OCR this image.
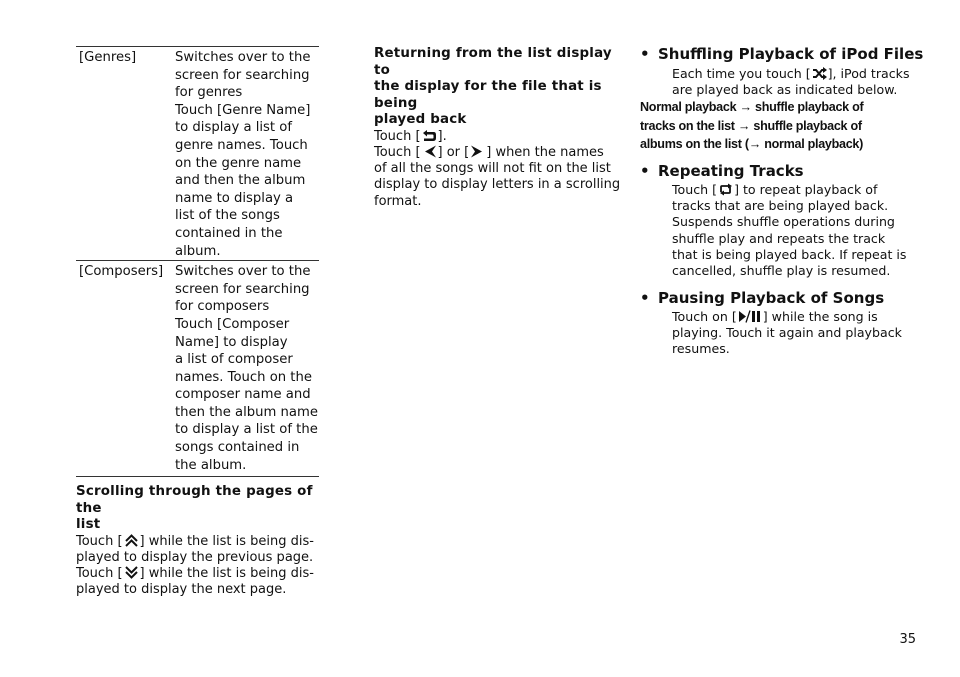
[Genres]	Switches over to the
screen for searching
for genres
Touch [Genre Name]
to display a list of
genre names. Touch
on the genre name
and then the album
name to display a
list of the songs
contained in the
album.
[Composers] Switches over to the
screen for searching
for composers
Touch [Composer
Name] to display
a list of composer
names. Touch on the
composer name and
then the album name
to display a list of the
songs contained in
the album.

Scrolling through the pages of the
list

Touch [ ] while the list is being dis-
played to display the previous page.
Touch [ ] while the list is being dis-
played to display the next page.

Returning from the list display to
the display for the file that is being
played back

Touch [ ].
Touch [ ] or [ ] when the names
of all the songs will not fit on the list
display to display letters in a scrolling
format.
• Shuffling Playback of iPod Files
Each time you touch [ ], iPod tracks
are played back as indicated below.
Normal playback → shuffle playback of
tracks on the list → shuffle playback of
albums on the list (→ normal playback)
• Repeating Tracks
Touch [ ] to repeat playback of
tracks that are being played back.
Suspends shuffle operations during
shuffle play and repeats the track
that is being played back. If repeat is
cancelled, shuffle play is resumed.
• Pausing Playback of Songs
Touch on [ ] while the song is
playing. Touch it again and playback
resumes.
35
